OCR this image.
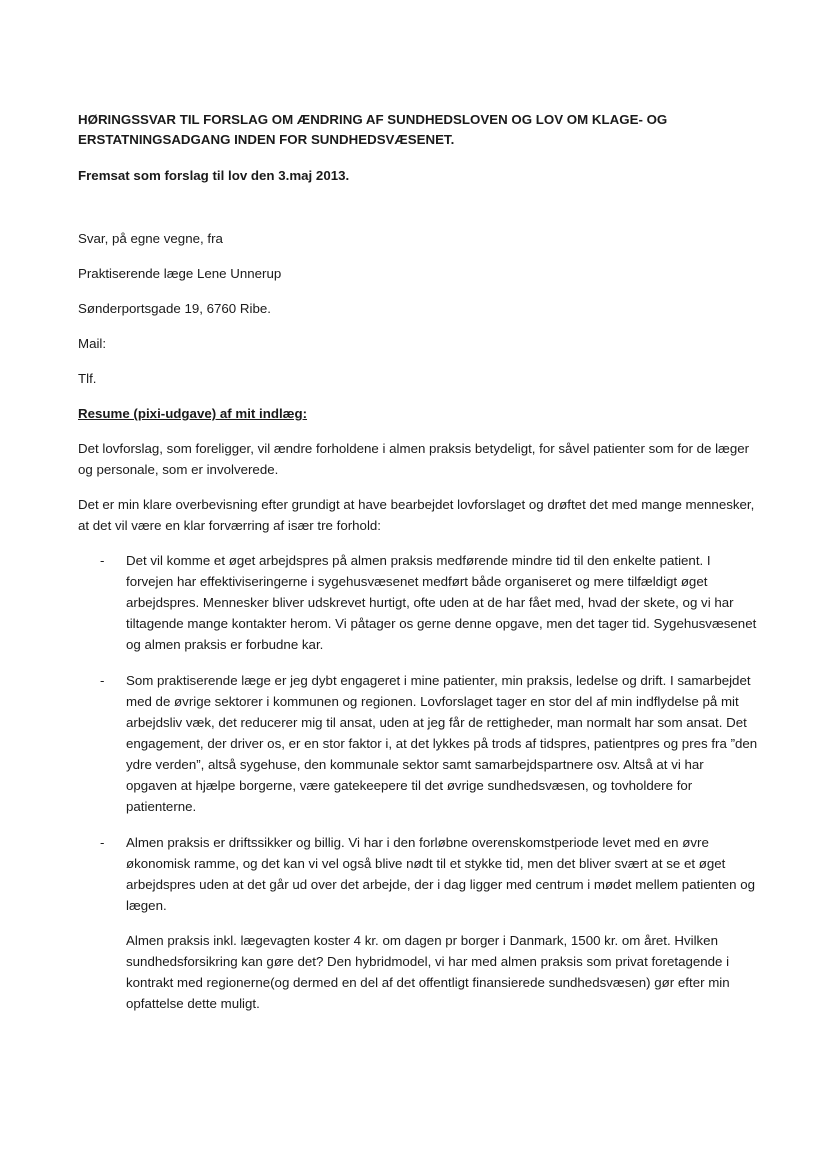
HØRINGSSVAR TIL FORSLAG OM ÆNDRING AF SUNDHEDSLOVEN OG LOV OM KLAGE- OG ERSTATNINGSADGANG INDEN FOR SUNDHEDSVÆSENET.

Fremsat som forslag til lov den 3.maj 2013.

Svar, på egne vegne, fra

Praktiserende læge Lene Unnerup

Sønderportsgade 19, 6760 Ribe.

Mail:

Tlf.

Resume (pixi-udgave) af mit indlæg:

Det lovforslag, som foreligger, vil ændre forholdene i almen praksis betydeligt, for såvel patienter som for de læger og personale, som er involverede.

Det er min klare overbevisning efter grundigt at have bearbejdet lovforslaget og drøftet det med mange mennesker, at det vil være en klar forværring af især tre forhold:

- Det vil komme et øget arbejdspres på almen praksis medførende mindre tid til den enkelte patient. I forvejen har effektiviseringerne i sygehusvæsenet medført både organiseret og mere tilfældigt øget arbejdspres. Mennesker bliver udskrevet hurtigt, ofte uden at de har fået med, hvad der skete, og vi har tiltagende mange kontakter herom. Vi påtager os gerne denne opgave, men det tager tid. Sygehusvæsenet og almen praksis er forbudne kar.
- Som praktiserende læge er jeg dybt engageret i mine patienter, min praksis, ledelse og drift. I samarbejdet med de øvrige sektorer i kommunen og regionen. Lovforslaget tager en stor del af min indflydelse på mit arbejdsliv væk, det reducerer mig til ansat, uden at jeg får de rettigheder, man normalt har som ansat. Det engagement, der driver os, er en stor faktor i, at det lykkes på trods af tidspres, patientpres og pres fra ”den ydre verden”, altså sygehuse, den kommunale sektor samt samarbejdspartnere osv. Altså at vi har opgaven at hjælpe borgerne, være gatekeepere til det øvrige sundhedsvæsen, og tovholdere for patienterne.
- Almen praksis er driftssikker og billig. Vi har i den forløbne overenskomstperiode levet med en øvre økonomisk ramme, og det kan vi vel også blive nødt til et stykke tid, men det bliver svært at se et øget arbejdspres uden at det går ud over det arbejde, der i dag ligger med centrum i mødet mellem patienten og lægen.

Almen praksis inkl. lægevagten koster 4 kr. om dagen pr borger i Danmark, 1500 kr. om året. Hvilken sundhedsforsikring kan gøre det? Den hybridmodel, vi har med almen praksis som privat foretagende i kontrakt med regionerne(og dermed en del af det offentligt finansierede sundhedsvæsen) gør efter min opfattelse dette muligt.
